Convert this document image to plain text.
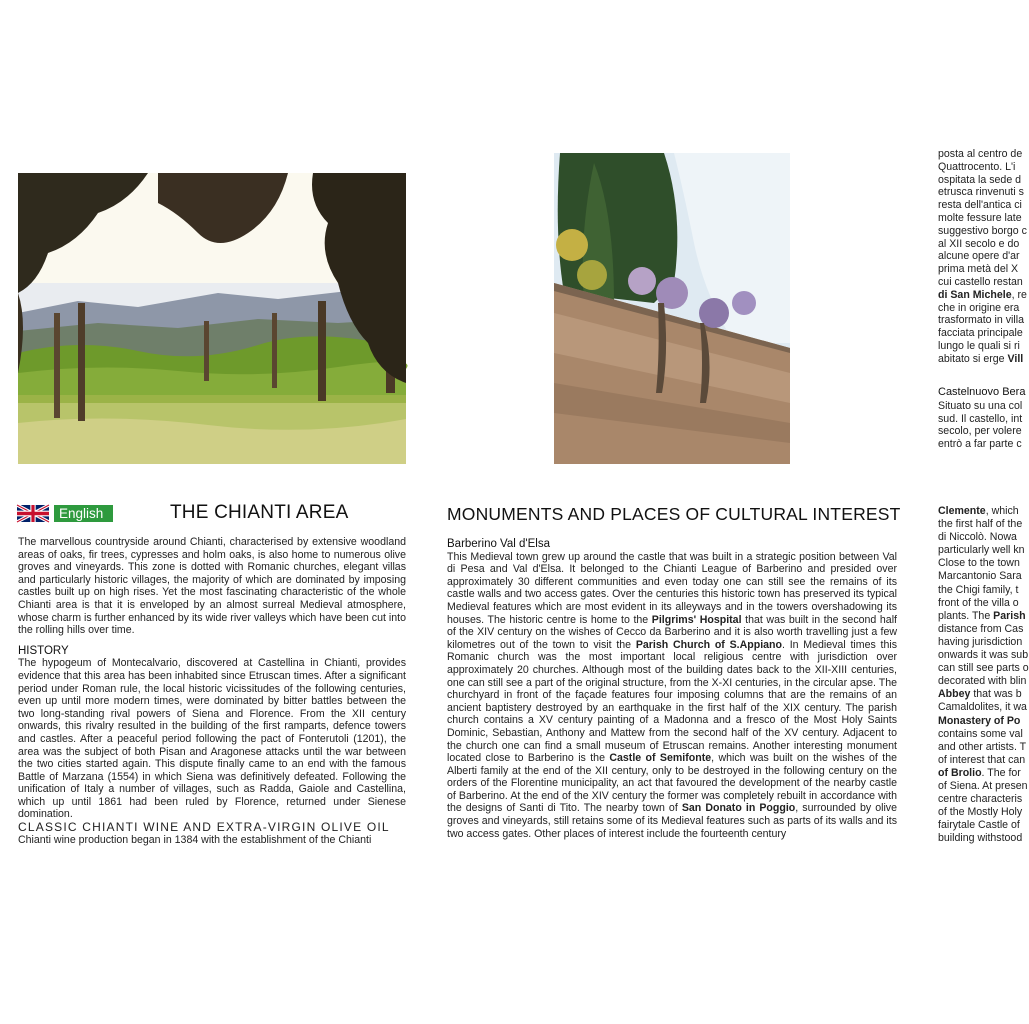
English	THE CHIANTI AREA

The marvellous countryside around Chianti, characterised by extensive woodland areas of oaks, fir trees, cypresses and holm oaks, is also home to numerous olive groves and vineyards. This zone is dotted with Romanic churches, elegant villas and particularly historic villages, the majority of which are dominated by imposing castles built up on high rises. Yet the most fascinating characteristic of the whole Chianti area is that it is enveloped by an almost surreal Medieval atmosphere, whose charm is further enhanced by its wide river valleys which have been cut into the rolling hills over time.

HISTORY

The hypogeum of Montecalvario, discovered at Castellina in Chianti, provides evidence that this area has been inhabited since Etruscan times. After a significant period under Roman rule, the local historic vicissitudes of the following centuries, even up until more modern times, were dominated by bitter battles between the two long-standing rival powers of Siena and Florence. From the XII century onwards, this rivalry resulted in the building of the first ramparts, defence towers and castles. After a peaceful period following the pact of Fonterutoli (1201), the area was the subject of both Pisan and Aragonese attacks until the war between the two cities started again. This dispute finally came to an end with the famous Battle of Marzana (1554) in which Siena was definitively defeated. Following the unification of Italy a number of villages, such as Radda, Gaiole and Castellina, which up until 1861 had been ruled by Florence, returned under Sienese domination.

CLASSIC CHIANTI WINE AND EXTRA-VIRGIN OLIVE OIL

Chianti wine production began in 1384 with the establishment of the Chianti

MONUMENTS AND PLACES OF CULTURAL INTEREST

Barberino Val d'Elsa

This Medieval town grew up around the castle that was built in a strategic position between Val di Pesa and Val d'Elsa. It belonged to the Chianti League of Barberino and presided over approximately 30 different communities and even today one can still see the remains of its castle walls and two access gates. Over the centuries this historic town has preserved its typical Medieval features which are most evident in its alleyways and in the towers overshadowing its houses. The historic centre is home to the Pilgrims' Hospital that was built in the second half of the XIV century on the wishes of Cecco da Barberino and it is also worth travelling just a few kilometres out of the town to visit the Parish Church of S.Appiano. In Medieval times this Romanic church was the most important local religious centre with jurisdiction over approximately 20 churches. Although most of the building dates back to the XII-XIII centuries, one can still see a part of the original structure, from the X-XI centuries, in the circular apse. The churchyard in front of the façade features four imposing columns that are the remains of an ancient baptistery destroyed by an earthquake in the first half of the XIX century. The parish church contains a XV century painting of a Madonna and a fresco of the Most Holy Saints Dominic, Sebastian, Anthony and Mattew from the second half of the XV century. Adjacent to the church one can find a small museum of Etruscan remains. Another interesting monument located close to Barberino is the Castle of Semifonte, which was built on the wishes of the Alberti family at the end of the XII century, only to be destroyed in the following century on the orders of the Florentine municipality, an act that favoured the development of the nearby castle of Barberino. At the end of the XIV century the former was completely rebuilt in accordance with the designs of Santi di Tito. The nearby town of San Donato in Poggio, surrounded by olive groves and vineyards, still retains some of its Medieval features such as parts of its walls and its two access gates. Other places of interest include the fourteenth century

posta al centro de
Quattrocento. L'i
ospitata la sede d
etrusca rinvenuti s
resta dell'antica ci
molte fessure late
suggestivo borgo c
al XII secolo e do
alcune opere d'ar
prima metà del X
cui castello restan
di San Michele, re
che in origine era
trasformato in villa
facciata principale
lungo le quali si ri
abitato si erge Vill
Castelnuovo Bera
Situato su una col
sud. Il castello, int
secolo, per volere
entrò a far parte c
Clemente, which
the first half of the
di Niccolò. Nowa
particularly well kn
Close to the town
Marcantonio Sara
the Chigi family, t
front of the villa o
plants. The Parish
distance from Cas
having jurisdiction
onwards it was sub
can still see parts o
decorated with blin
Abbey that was b
Camaldolites, it wa
Monastery of Po
contains some val
and other artists. T
of interest that can
of Brolio. The for
of Siena. At presen
centre characteris
of the Mostly Holy
fairytale Castle of
building withstood
